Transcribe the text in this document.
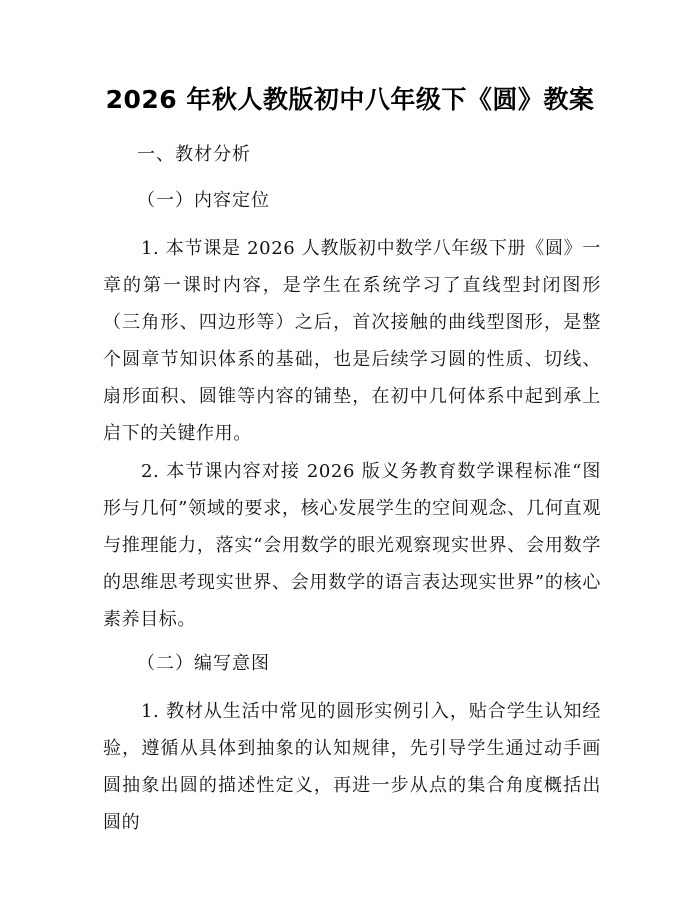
2026 年秋人教版初中八年级下《圆》教案
一、教材分析
（一）内容定位
1. 本节课是 2026 人教版初中数学八年级下册《圆》一章的第一课时内容，是学生在系统学习了直线型封闭图形（三角形、四边形等）之后，首次接触的曲线型图形，是整个圆章节知识体系的基础，也是后续学习圆的性质、切线、扇形面积、圆锥等内容的铺垫，在初中几何体系中起到承上启下的关键作用。
2. 本节课内容对接 2026 版义务教育数学课程标准“图形与几何”领域的要求，核心发展学生的空间观念、几何直观与推理能力，落实“会用数学的眼光观察现实世界、会用数学的思维思考现实世界、会用数学的语言表达现实世界”的核心素养目标。
（二）编写意图
1. 教材从生活中常见的圆形实例引入，贴合学生认知经验，遵循从具体到抽象的认知规律，先引导学生通过动手画圆抽象出圆的描述性定义，再进一步从点的集合角度概括出圆的
